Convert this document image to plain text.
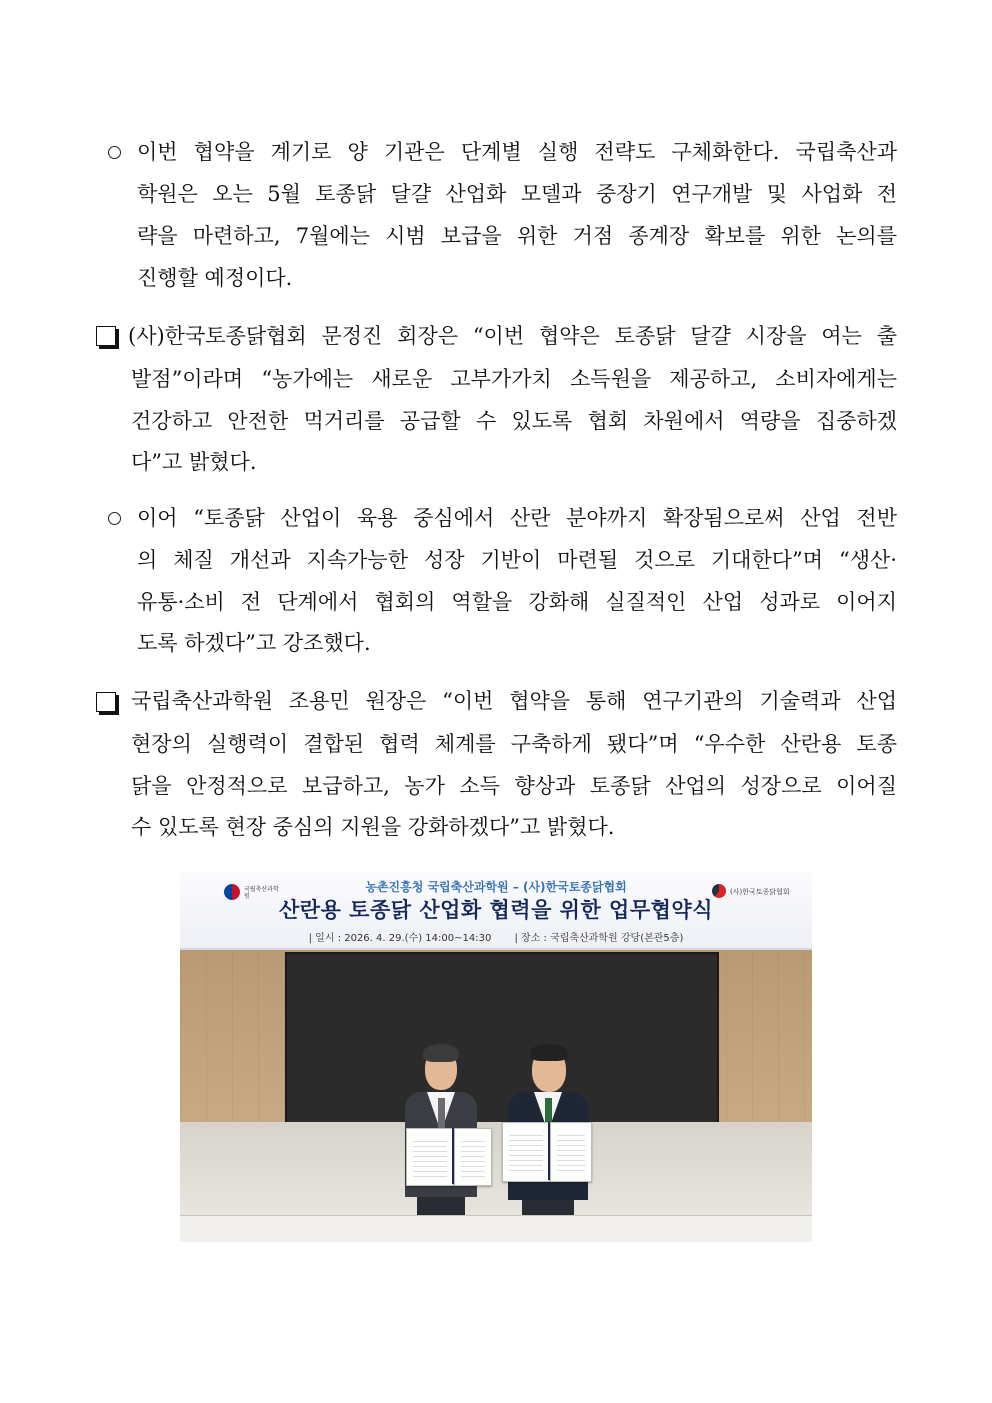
이번 협약을 계기로 양 기관은 단계별 실행 전략도 구체화한다. 국립축산과
학원은 오는 5월 토종닭 달걀 산업화 모델과 중장기 연구개발 및 사업화 전
략을 마련하고, 7월에는 시범 보급을 위한 거점 종계장 확보를 위한 논의를
진행할 예정이다.
(사)한국토종닭협회 문정진 회장은 “이번 협약은 토종닭 달걀 시장을 여는 출
발점”이라며 “농가에는 새로운 고부가가치 소득원을 제공하고, 소비자에게는
건강하고 안전한 먹거리를 공급할 수 있도록 협회 차원에서 역량을 집중하겠
다”고 밝혔다.
이어 “토종닭 산업이 육용 중심에서 산란 분야까지 확장됨으로써 산업 전반
의 체질 개선과 지속가능한 성장 기반이 마련될 것으로 기대한다”며 “생산·
유통·소비 전 단계에서 협회의 역할을 강화해 실질적인 산업 성과로 이어지
도록 하겠다”고 강조했다.
국립축산과학원 조용민 원장은 “이번 협약을 통해 연구기관의 기술력과 산업
현장의 실행력이 결합된 협력 체계를 구축하게 됐다”며 “우수한 산란용 토종
닭을 안정적으로 보급하고, 농가 소득 향상과 토종닭 산업의 성장으로 이어질
수 있도록 현장 중심의 지원을 강화하겠다”고 밝혔다.
국립축산과학원
(사)한국토종닭협회
농촌진흥청 국립축산과학원 – (사)한국토종닭협회
산란용 토종닭 산업화 협력을 위한 업무협약식
| 일시 : 2026. 4. 29.(수) 14:00~14:30 | 장소 : 국립축산과학원 강당(본관5층)
